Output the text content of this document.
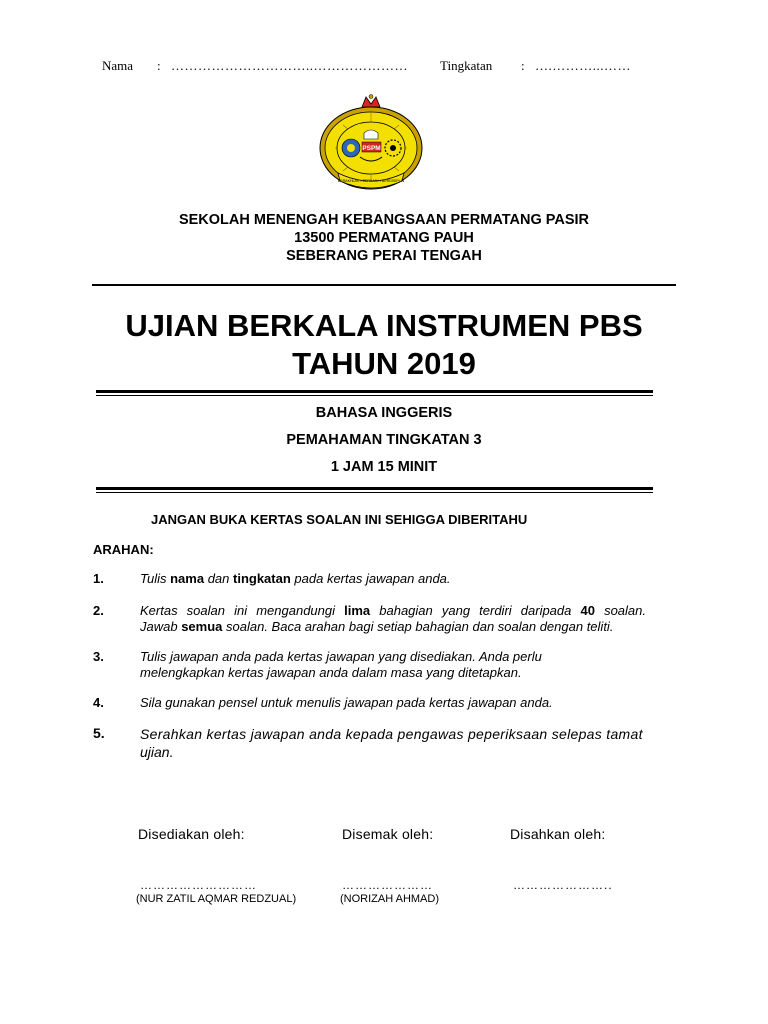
Nama : …………………………..………………… Tingkatan : ….………...……
PSPM
BERAKHLAK • BERILMU • BERDISIPLIN
SEKOLAH MENENGAH KEBANGSAAN PERMATANG PASIR
13500 PERMATANG PAUH
SEBERANG PERAI TENGAH
UJIAN BERKALA INSTRUMEN PBS
TAHUN 2019
BAHASA INGGERIS
PEMAHAMAN TINGKATAN 3
1 JAM 15 MINIT
JANGAN BUKA KERTAS SOALAN INI SEHIGGA DIBERITAHU
ARAHAN:
1.	Tulis nama dan tingkatan pada kertas jawapan anda.
2.	Kertas soalan ini mengandungi lima bahagian yang terdiri daripada 40 soalan.
Jawab semua soalan. Baca arahan bagi setiap bahagian dan soalan dengan teliti.
3.	Tulis jawapan anda pada kertas jawapan yang disediakan. Anda perlu
melengkapkan kertas jawapan anda dalam masa yang ditetapkan.
4.	Sila gunakan pensel untuk menulis jawapan pada kertas jawapan anda.
5.	Serahkan kertas jawapan anda kepada pengawas peperiksaan selepas tamat
ujian.
Disediakan oleh:
………………………
(NUR ZATIL AQMAR REDZUAL)
Disemak oleh:
…………………
(NORIZAH AHMAD)
Disahkan oleh:
…………………..
